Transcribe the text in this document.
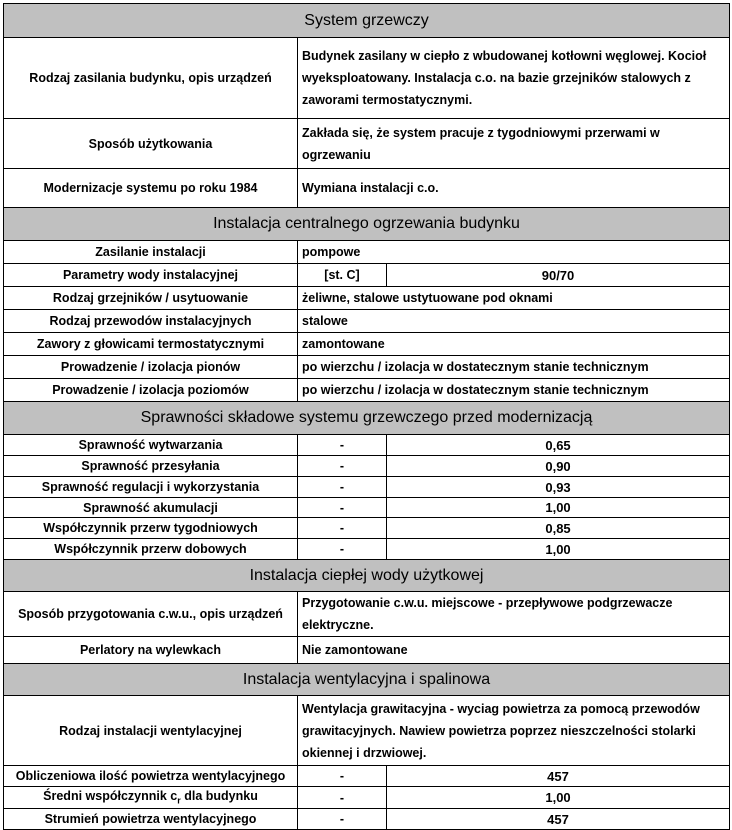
System grzewczy		
Rodzaj zasilania budynku, opis urządzeń	Budynek zasilany w ciepło z wbudowanej kotłowni węglowej. Kocioł wyeksploatowany. Instalacja c.o. na bazie grzejników stalowych z zaworami termostatycznymi.	
Sposób użytkowania	Zakłada się, że system pracuje z tygodniowymi przerwami w ogrzewaniu	
Modernizacje systemu po roku 1984	Wymiana instalacji c.o.	
Instalacja centralnego ogrzewania budynku		
Zasilanie instalacji	pompowe	
Parametry wody instalacyjnej	[st. C]	90/70
Rodzaj grzejników / usytuowanie	żeliwne, stalowe ustytuowane pod oknami	
Rodzaj przewodów instalacyjnych	stalowe	
Zawory z głowicami termostatycznymi	zamontowane	
Prowadzenie / izolacja pionów	po wierzchu / izolacja w dostatecznym stanie technicznym	
Prowadzenie / izolacja poziomów	po wierzchu / izolacja w dostatecznym stanie technicznym	
Sprawności składowe systemu grzewczego przed modernizacją		
Sprawność wytwarzania	-	0,65
Sprawność przesyłania	-	0,90
Sprawność regulacji i wykorzystania	-	0,93
Sprawność akumulacji	-	1,00
Współczynnik przerw tygodniowych	-	0,85
Współczynnik przerw dobowych	-	1,00
Instalacja ciepłej wody użytkowej		
Sposób przygotowania c.w.u., opis urządzeń	Przygotowanie c.w.u. miejscowe - przepływowe podgrzewacze elektryczne.	
Perlatory na wylewkach	Nie zamontowane	
Instalacja wentylacyjna i spalinowa		
Rodzaj instalacji wentylacyjnej	Wentylacja grawitacyjna - wyciag powietrza za pomocą przewodów grawitacyjnych. Nawiew powietrza poprzez nieszczelności stolarki okiennej i drzwiowej.	
Obliczeniowa ilość powietrza wentylacyjnego	-	457
Średni współczynnik $c_r$ dla budynku	-	1,00
Strumień powietrza wentylacyjnego	-	457
